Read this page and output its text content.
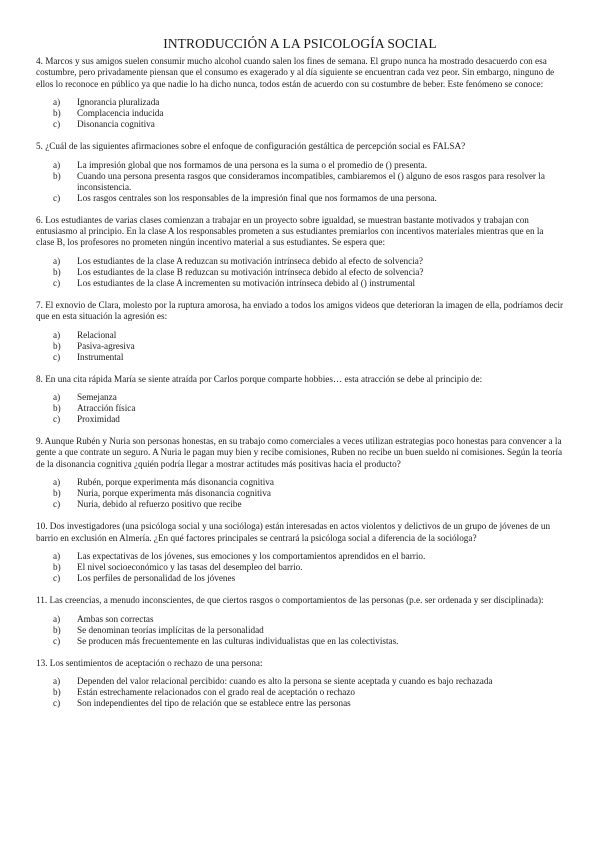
INTRODUCCIÓN A LA PSICOLOGÍA SOCIAL

4. Marcos y sus amigos suelen consumir mucho alcohol cuando salen los fines de semana. El grupo nunca ha mostrado desacuerdo con esa costumbre, pero privadamente piensan que el consumo es exagerado y al día siguiente se encuentran cada vez peor. Sin embargo, ninguno de ellos lo reconoce en público ya que nadie lo ha dicho nunca, todos están de acuerdo con su costumbre de beber. Este fenómeno se conoce:

a)	Ignorancia pluralizada
b)	Complacencia inducida
c)	Disonancia cognitiva

5. ¿Cuál de las siguientes afirmaciones sobre el enfoque de configuración gestáltica de percepción social es FALSA?

a)	La impresión global que nos formamos de una persona es la suma o el promedio de () presenta.
b)	Cuando una persona presenta rasgos que consideramos incompatibles, cambiaremos el () alguno de esos rasgos para resolver la inconsistencia.
c)	Los rasgos centrales son los responsables de la impresión final que nos formamos de una persona.

6. Los estudiantes de varias clases comienzan a trabajar en un proyecto sobre igualdad, se muestran bastante motivados y trabajan con entusiasmo al principio. En la clase A los responsables prometen a sus estudiantes premiarlos con incentivos materiales mientras que en la clase B, los profesores no prometen ningún incentivo material a sus estudiantes. Se espera que:

a)	Los estudiantes de la clase A reduzcan su motivación intrínseca debido al efecto de solvencia?
b)	Los estudiantes de la clase B reduzcan su motivación intrínseca debido al efecto de solvencia?
c)	Los estudiantes de la clase A incrementen su motivación intrínseca debido al () instrumental

7. El exnovio de Clara, molesto por la ruptura amorosa, ha enviado a todos los amigos videos que deterioran la imagen de ella, podríamos decir que en esta situación la agresión es:

a)	Relacional
b)	Pasiva-agresiva
c)	Instrumental

8. En una cita rápida María se siente atraída por Carlos porque comparte hobbies… esta atracción se debe al principio de:

a)	Semejanza
b)	Atracción física
c)	Proximidad

9. Aunque Rubén y Nuria son personas honestas, en su trabajo como comerciales a veces utilizan estrategias poco honestas para convencer a la gente a que contrate un seguro. A Nuria le pagan muy bien y recibe comisiones, Ruben no recibe un buen sueldo ni comisiones. Según la teoría de la disonancia cognitiva ¿quién podría llegar a mostrar actitudes más positivas hacia el producto?

a)	Rubén, porque experimenta más disonancia cognitiva
b)	Nuria, porque experimenta más disonancia cognitiva
c)	Nuria, debido al refuerzo positivo que recibe

10. Dos investigadores (una psicóloga social y una socióloga) están interesadas en actos violentos y delictivos de un grupo de jóvenes de un barrio en exclusión en Almería. ¿En qué factores principales se centrará la psicóloga social a diferencia de la socióloga?

a)	Las expectativas de los jóvenes, sus emociones y los comportamientos aprendidos en el barrio.
b)	El nivel socioeconómico y las tasas del desempleo del barrio.
c)	Los perfiles de personalidad de los jóvenes

11. Las creencias, a menudo inconscientes, de que ciertos rasgos o comportamientos de las personas (p.e. ser ordenada y ser disciplinada):

a)	Ambas son correctas
b)	Se denominan teorías implícitas de la personalidad
c)	Se producen más frecuentemente en las culturas individualistas que en las colectivistas.

13. Los sentimientos de aceptación o rechazo de una persona:

a)	Dependen del valor relacional percibido: cuando es alto la persona se siente aceptada y cuando es bajo rechazada
b)	Están estrechamente relacionados con el grado real de aceptación o rechazo
c)	Son independientes del tipo de relación que se establece entre las personas
